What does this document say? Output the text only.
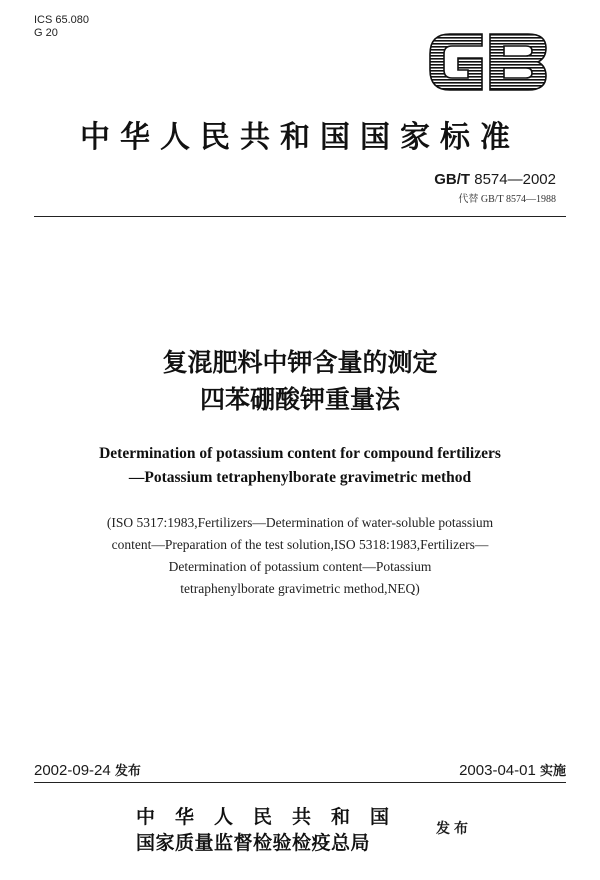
ICS 65.080
G 20	GB
中华人民共和国国家标准
GB/T 8574—2002
代替 GB/T 8574—1988
复混肥料中钾含量的测定
四苯硼酸钾重量法
Determination of potassium content for compound fertilizers
—Potassium tetraphenylborate gravimetric method
(ISO 5317:1983,Fertilizers—Determination of water-soluble potassium
content—Preparation of the test solution,ISO 5318:1983,Fertilizers—
Determination of potassium content—Potassium
tetraphenylborate gravimetric method,NEQ)
2002-09-24 发布	2003-04-01 实施
中华人民共和国
国家质量监督检验检疫总局
发布
